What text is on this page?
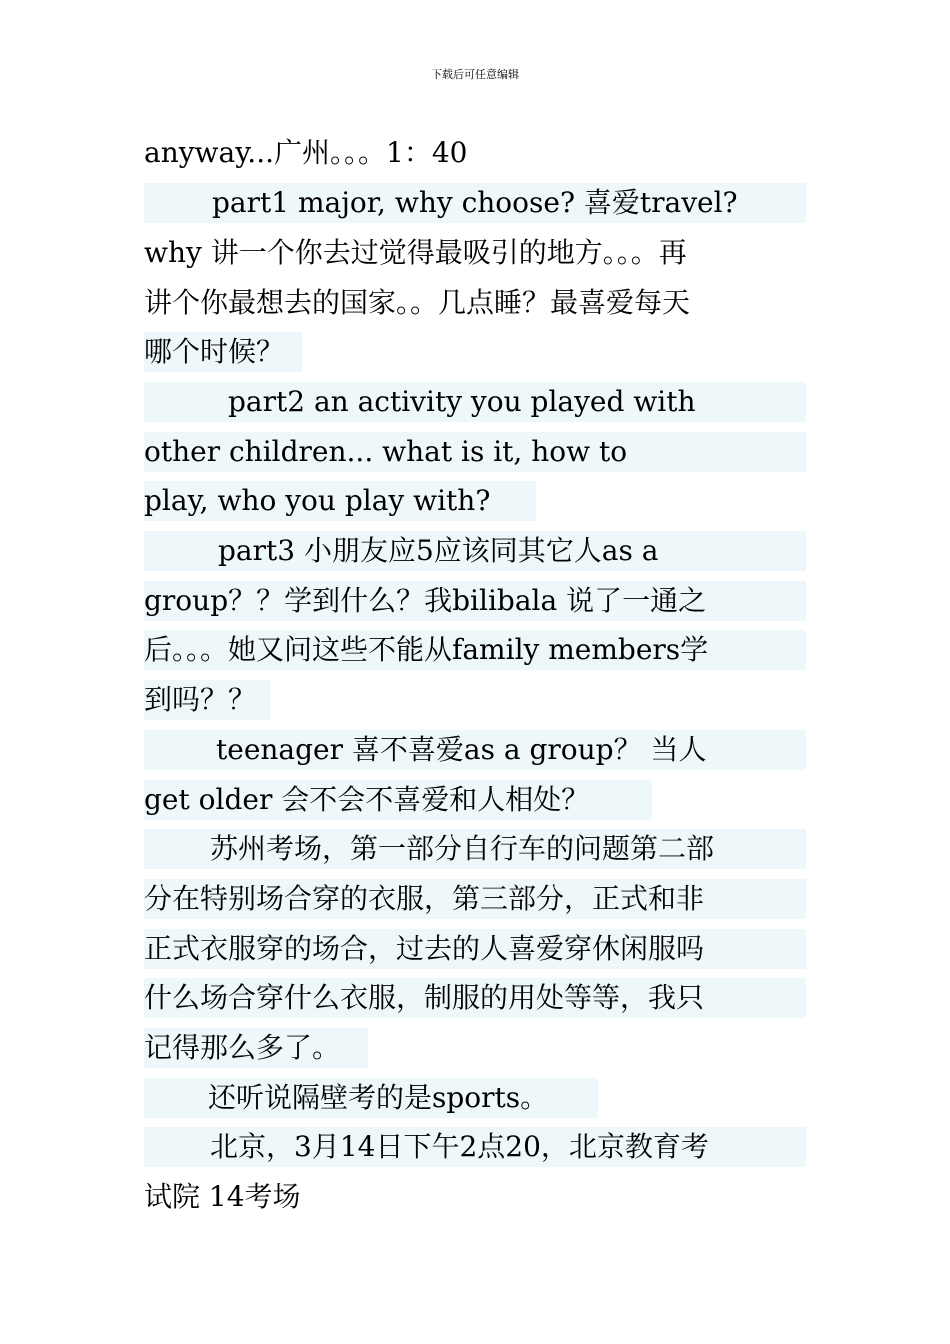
下载后可任意编辑
anyway...广州。。。1：40
part1 major, why choose? 喜爱travel?
why 讲一个你去过觉得最吸引的地方。。。再
讲个你最想去的国家。。几点睡？最喜爱每天
哪个时候？
part2 an activity you played with
other children... what is it, how to
play, who you play with?
part3 小朋友应5应该同其它人as a
group？？学到什么？我bilibala 说了一通之
后。。。她又问这些不能从family members学
到吗？？
teenager 喜不喜爱as a group？ 当人
get older 会不会不喜爱和人相处？
苏州考场，第一部分自行车的问题第二部
分在特别场合穿的衣服，第三部分，正式和非
正式衣服穿的场合，过去的人喜爱穿休闲服吗
什么场合穿什么衣服，制服的用处等等，我只
记得那么多了。
还听说隔壁考的是sports。
北京，3月14日下午2点20，北京教育考
试院 14考场
